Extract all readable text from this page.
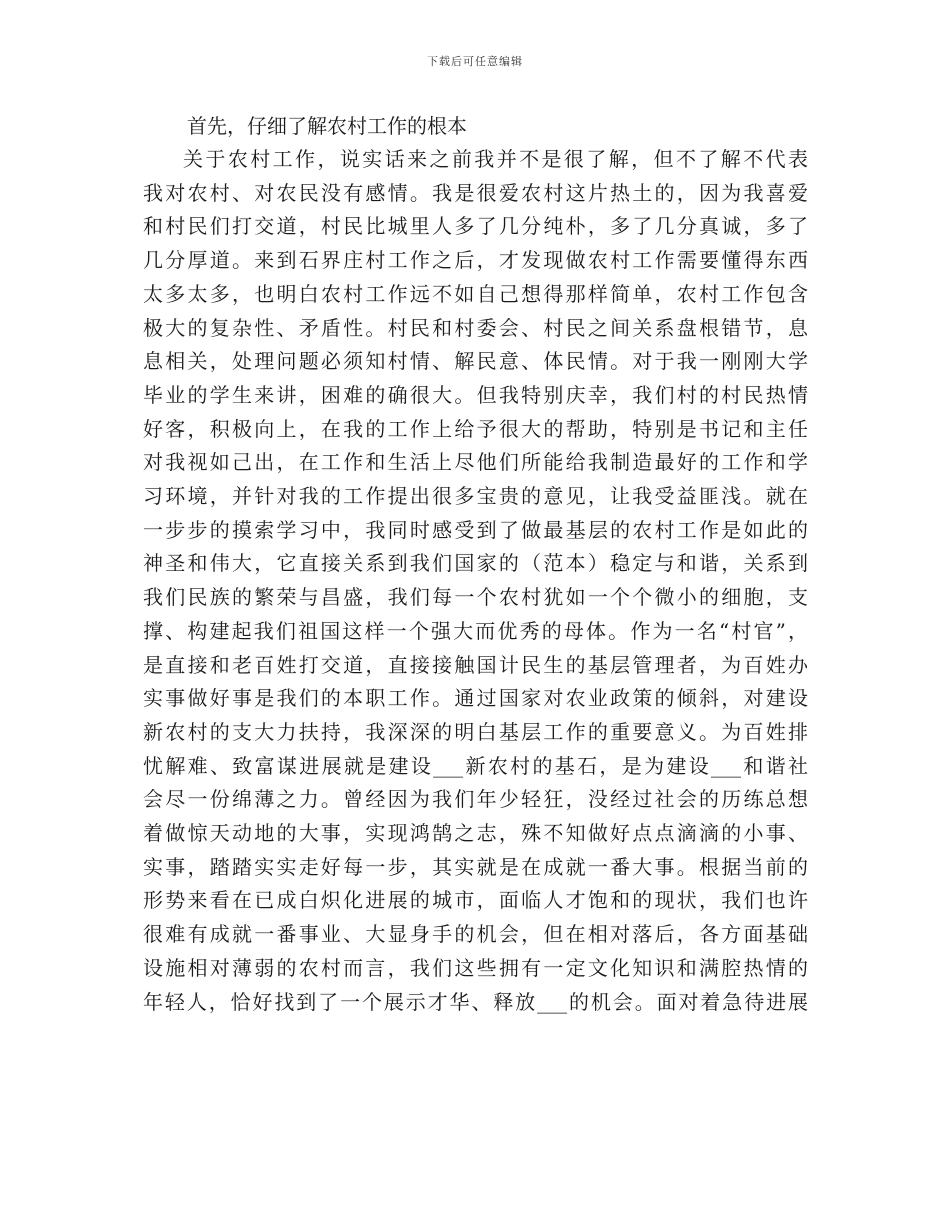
下载后可任意编辑

首先，仔细了解农村工作的根本

关于农村工作，说实话来之前我并不是很了解，但不了解不代表
我对农村、对农民没有感情。我是很爱农村这片热土的，因为我喜爱
和村民们打交道，村民比城里人多了几分纯朴，多了几分真诚，多了
几分厚道。来到石界庄村工作之后，才发现做农村工作需要懂得东西
太多太多，也明白农村工作远不如自己想得那样简单，农村工作包含
极大的复杂性、矛盾性。村民和村委会、村民之间关系盘根错节，息
息相关，处理问题必须知村情、解民意、体民情。对于我一刚刚大学
毕业的学生来讲，困难的确很大。但我特别庆幸，我们村的村民热情
好客，积极向上，在我的工作上给予很大的帮助，特别是书记和主任
对我视如己出，在工作和生活上尽他们所能给我制造最好的工作和学
习环境，并针对我的工作提出很多宝贵的意见，让我受益匪浅。就在
一步步的摸索学习中，我同时感受到了做最基层的农村工作是如此的
神圣和伟大，它直接关系到我们国家的（范本）稳定与和谐，关系到
我们民族的繁荣与昌盛，我们每一个农村犹如一个个微小的细胞，支
撑、构建起我们祖国这样一个强大而优秀的母体。作为一名“村官”，
是直接和老百姓打交道，直接接触国计民生的基层管理者，为百姓办
实事做好事是我们的本职工作。通过国家对农业政策的倾斜，对建设
新农村的支大力扶持，我深深的明白基层工作的重要意义。为百姓排
忧解难、致富谋进展就是建设___新农村的基石，是为建设___和谐社
会尽一份绵薄之力。曾经因为我们年少轻狂，没经过社会的历练总想
着做惊天动地的大事，实现鸿鹄之志，殊不知做好点点滴滴的小事、
实事，踏踏实实走好每一步，其实就是在成就一番大事。根据当前的
形势来看在已成白炽化进展的城市，面临人才饱和的现状，我们也许
很难有成就一番事业、大显身手的机会，但在相对落后，各方面基础
设施相对薄弱的农村而言，我们这些拥有一定文化知识和满腔热情的
年轻人，恰好找到了一个展示才华、释放___的机会。面对着急待进展
